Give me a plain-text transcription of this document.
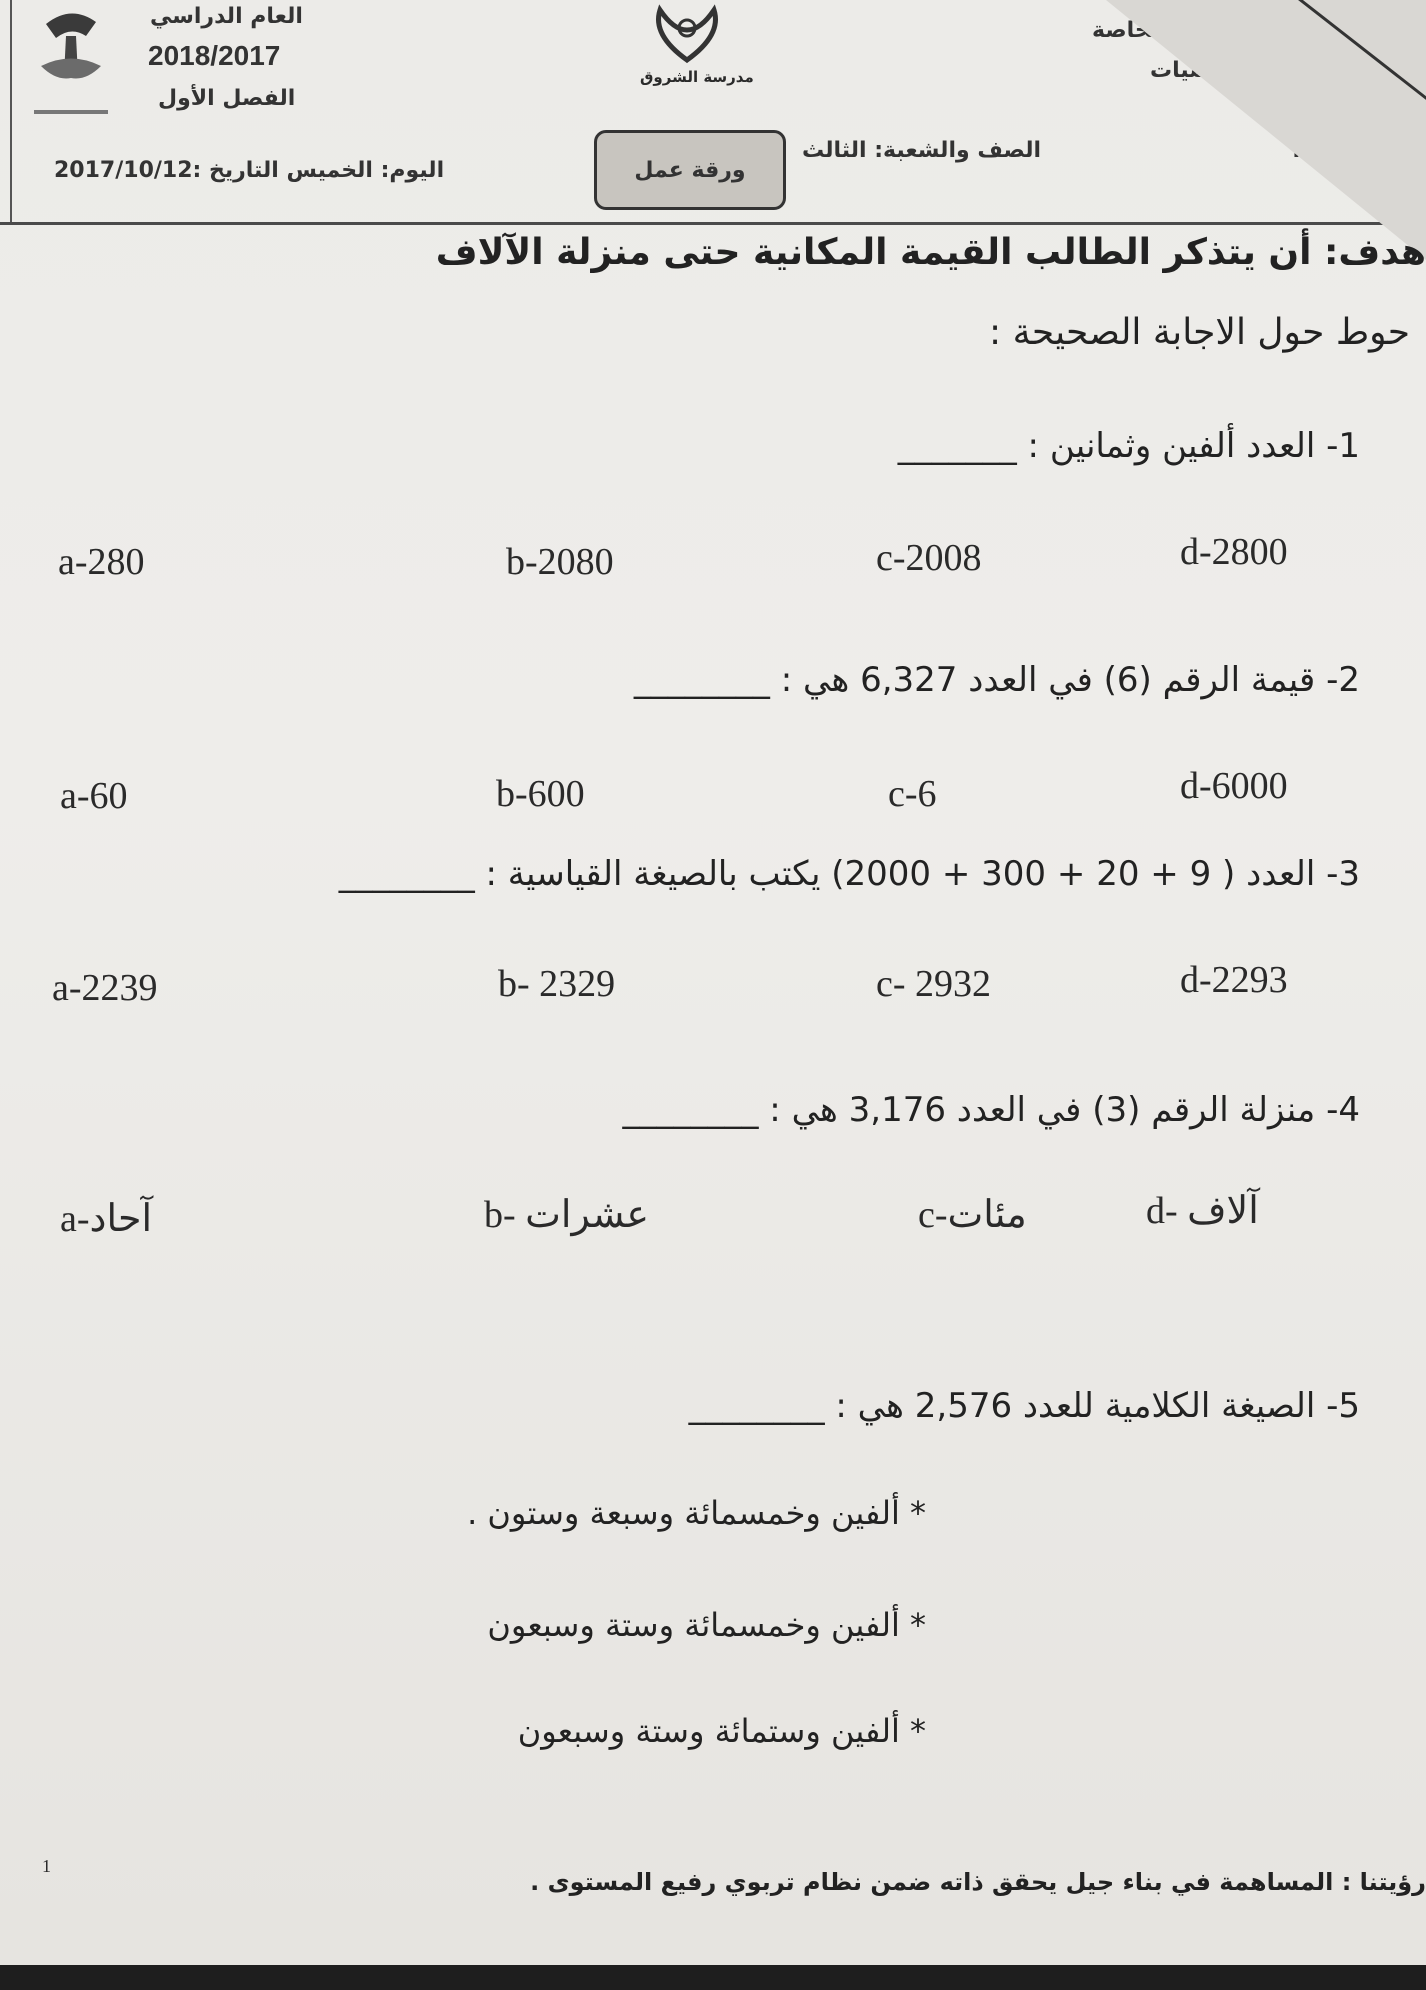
العام الدراسي
2018/2017
الفصل الأول
اليوم: الخميس التاريخ :2017/10/12
مدرسة الشروق
ورقة عمل
الصف والشعبة: الثالث
ل الخاصة
رياضيات
:
هدف: أن يتذكر الطالب القيمة المكانية حتى منزلة الآلاف
حوط حول الاجابة الصحيحة :
1- العدد ألفين وثمانين : _______
a-280	b-2080	c-2008	d-2800
2- قيمة الرقم (6) في العدد 6,327 هي : ________
a-60	b-600	c-6	d-6000
3- العدد ( 9 + 20 + 300 + 2000) يكتب بالصيغة القياسية : ________
a-2239	b- 2329	c- 2932	d-2293
4- منزلة الرقم (3) في العدد 3,176 هي : ________
a-آحاد	b- عشرات	c-مئات	d- آلاف
5- الصيغة الكلامية للعدد 2,576 هي : ________
* ألفين وخمسمائة وسبعة وستون .
* ألفين وخمسمائة وستة وسبعون
* ألفين وستمائة وستة وسبعون
1
رؤيتنا : المساهمة في بناء جيل يحقق ذاته ضمن نظام تربوي رفيع المستوى .
